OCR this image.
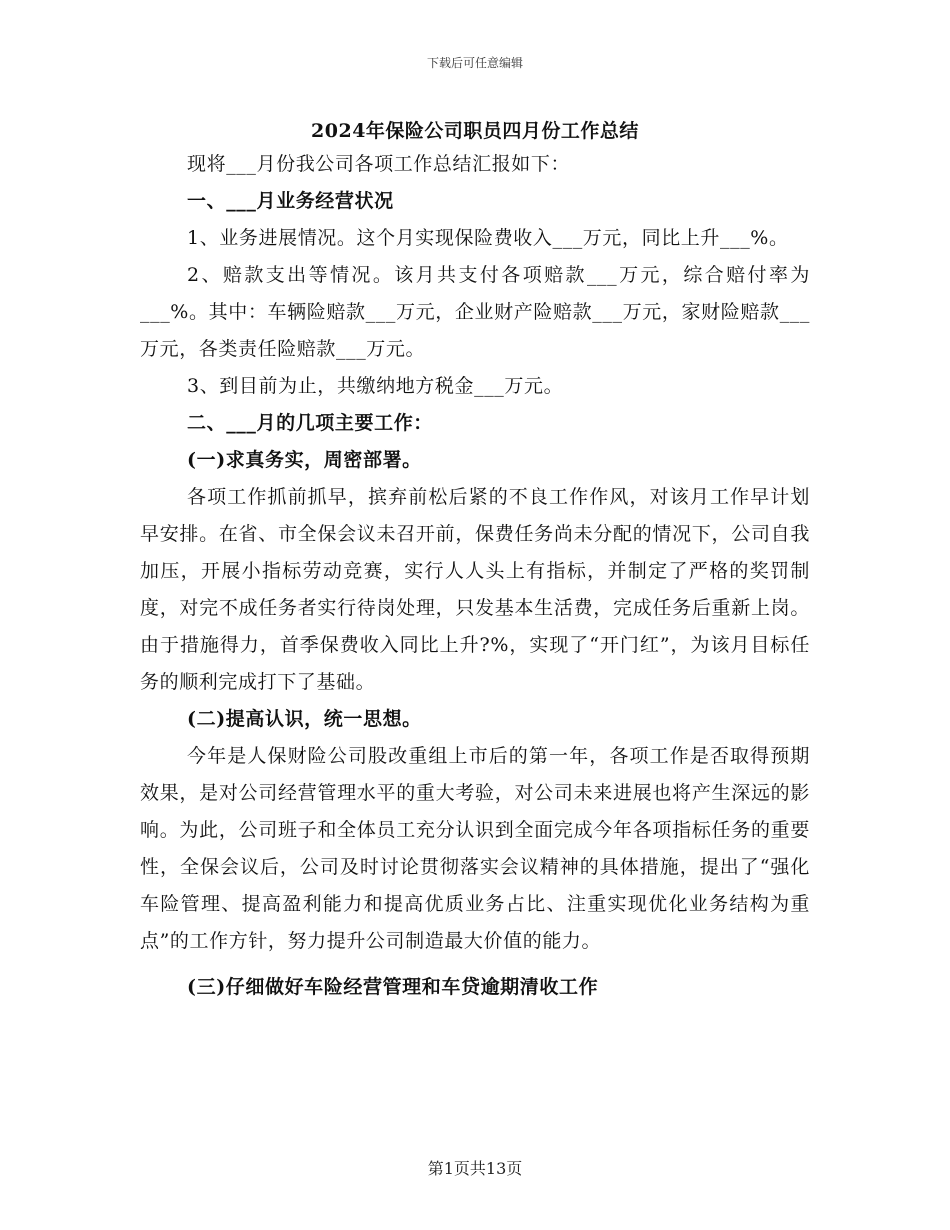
下载后可任意编辑
2024年保险公司职员四月份工作总结

现将___月份我公司各项工作总结汇报如下：

一、___月业务经营状况

1、业务进展情况。这个月实现保险费收入___万元，同比上升___%。

2、赔款支出等情况。该月共支付各项赔款___万元，综合赔付率为___%。其中：车辆险赔款___万元，企业财产险赔款___万元，家财险赔款___万元，各类责任险赔款___万元。

3、到目前为止，共缴纳地方税金___万元。

二、___月的几项主要工作：

(一)求真务实，周密部署。

各项工作抓前抓早，摈弃前松后紧的不良工作作风，对该月工作早计划早安排。在省、市全保会议未召开前，保费任务尚未分配的情况下，公司自我加压，开展小指标劳动竞赛，实行人人头上有指标，并制定了严格的奖罚制度，对完不成任务者实行待岗处理，只发基本生活费，完成任务后重新上岗。由于措施得力，首季保费收入同比上升?%，实现了“开门红”，为该月目标任务的顺利完成打下了基础。

(二)提高认识，统一思想。

今年是人保财险公司股改重组上市后的第一年，各项工作是否取得预期效果，是对公司经营管理水平的重大考验，对公司未来进展也将产生深远的影响。为此，公司班子和全体员工充分认识到全面完成今年各项指标任务的重要性，全保会议后，公司及时讨论贯彻落实会议精神的具体措施，提出了“强化车险管理、提高盈利能力和提高优质业务占比、注重实现优化业务结构为重点”的工作方针，努力提升公司制造最大价值的能力。

(三)仔细做好车险经营管理和车贷逾期清收工作

第1页共13页
